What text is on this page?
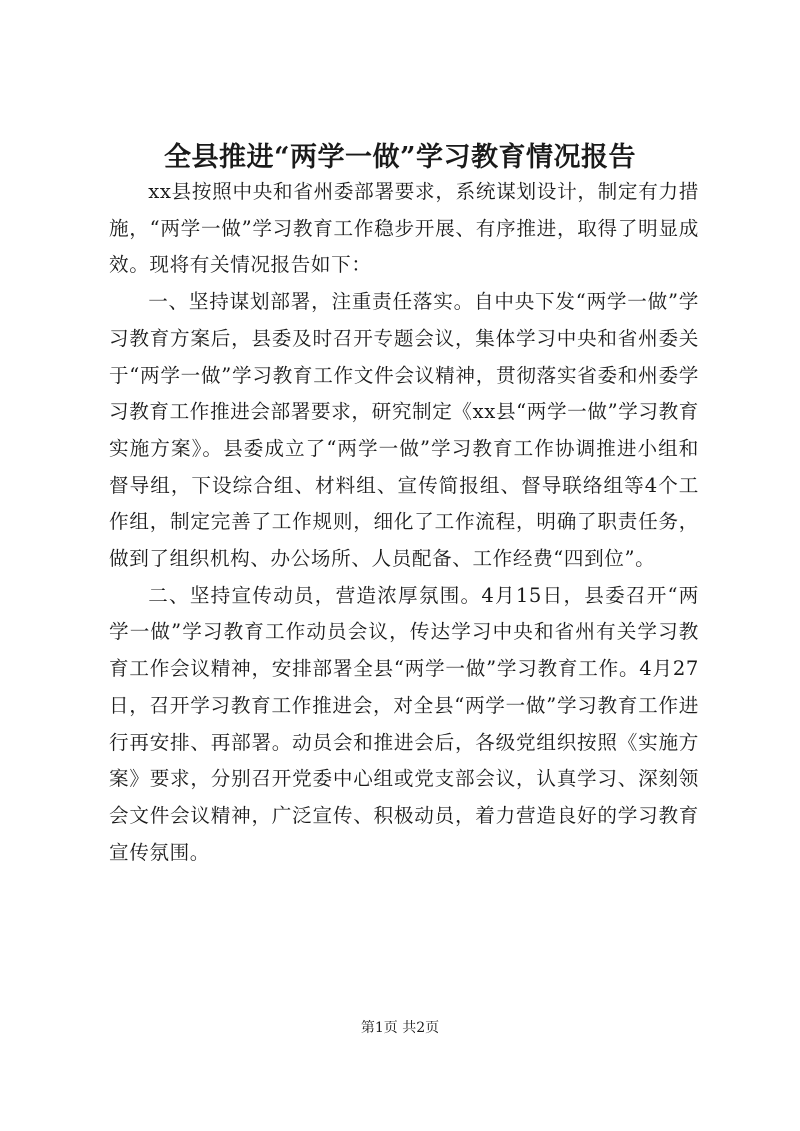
全县推进“两学一做”学习教育情况报告

xx县按照中央和省州委部署要求，系统谋划设计，制定有力措施，“两学一做”学习教育工作稳步开展、有序推进，取得了明显成效。现将有关情况报告如下：

一、坚持谋划部署，注重责任落实。自中央下发“两学一做”学习教育方案后，县委及时召开专题会议，集体学习中央和省州委关于“两学一做”学习教育工作文件会议精神，贯彻落实省委和州委学习教育工作推进会部署要求，研究制定《xx县“两学一做”学习教育实施方案》。县委成立了“两学一做”学习教育工作协调推进小组和督导组，下设综合组、材料组、宣传简报组、督导联络组等4个工作组，制定完善了工作规则，细化了工作流程，明确了职责任务，做到了组织机构、办公场所、人员配备、工作经费“四到位”。

二、坚持宣传动员，营造浓厚氛围。4月15日，县委召开“两学一做”学习教育工作动员会议，传达学习中央和省州有关学习教育工作会议精神，安排部署全县“两学一做”学习教育工作。4月27日，召开学习教育工作推进会，对全县“两学一做”学习教育工作进行再安排、再部署。动员会和推进会后，各级党组织按照《实施方案》要求，分别召开党委中心组或党支部会议，认真学习、深刻领会文件会议精神，广泛宣传、积极动员，着力营造良好的学习教育宣传氛围。

第1页 共2页
